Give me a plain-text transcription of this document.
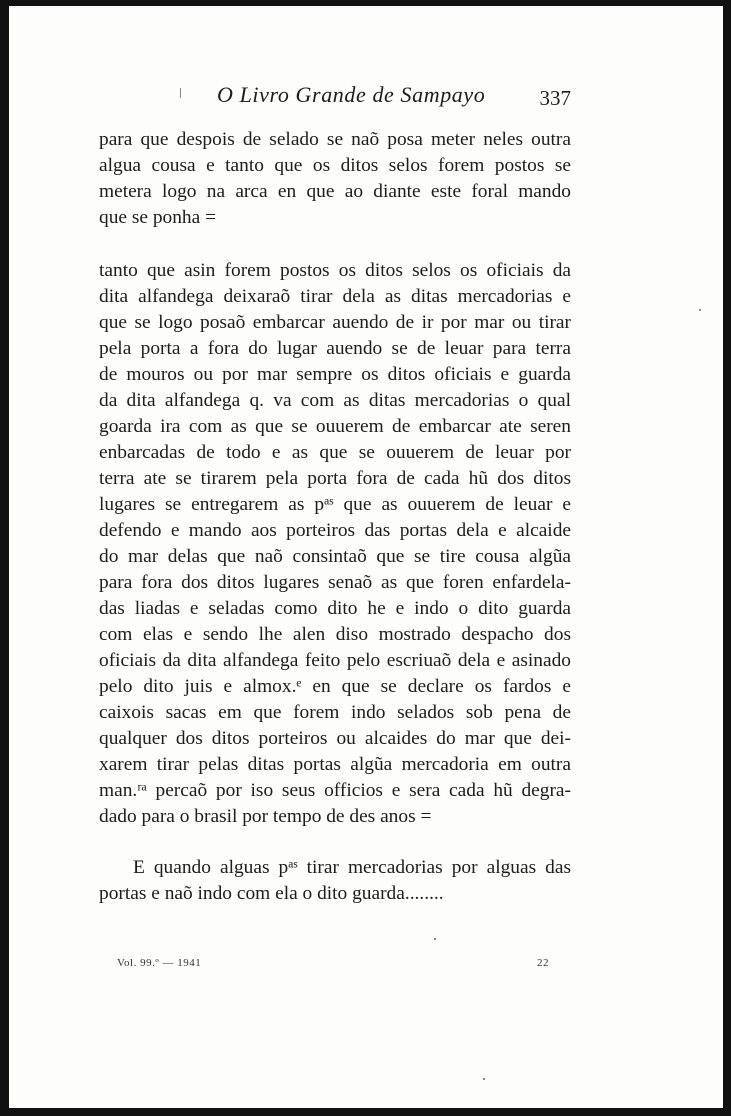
O Livro Grande de Sampayo	337
para que despois de selado se naõ posa meter neles outra
algua cousa e tanto que os ditos selos forem postos se
metera logo na arca en que ao diante este foral mando
que se ponha =
tanto que asin forem postos os ditos selos os oficiais da
dita alfandega deixaraõ tirar dela as ditas mercadorias e
que se logo posaõ embarcar auendo de ir por mar ou tirar
pela porta a fora do lugar auendo se de leuar para terra
de mouros ou por mar sempre os ditos oficiais e guarda
da dita alfandega q. va com as ditas mercadorias o qual
goarda ira com as que se ouuerem de embarcar ate seren
enbarcadas de todo e as que se ouuerem de leuar por
terra ate se tirarem pela porta fora de cada hũ dos ditos
lugares se entregarem as pᵃˢ que as ouuerem de leuar e
defendo e mando aos porteiros das portas dela e alcaide
do mar delas que naõ consintaõ que se tire cousa algũa
para fora dos ditos lugares senaõ as que foren enfardela-
das liadas e seladas como dito he e indo o dito guarda
com elas e sendo lhe alen diso mostrado despacho dos
oficiais da dita alfandega feito pelo escriuaõ dela e asinado
pelo dito juis e almox.ᵉ en que se declare os fardos e
caixois sacas em que forem indo selados sob pena de
qualquer dos ditos porteiros ou alcaides do mar que dei-
xarem tirar pelas ditas portas algũa mercadoria em outra
man.ʳᵃ percaõ por iso seus officios e sera cada hũ degra-
dado para o brasil por tempo de des anos =
E quando alguas pᵃˢ tirar mercadorias por alguas das
portas e naõ indo com ela o dito guarda........
Vol. 99.º — 1941	22
